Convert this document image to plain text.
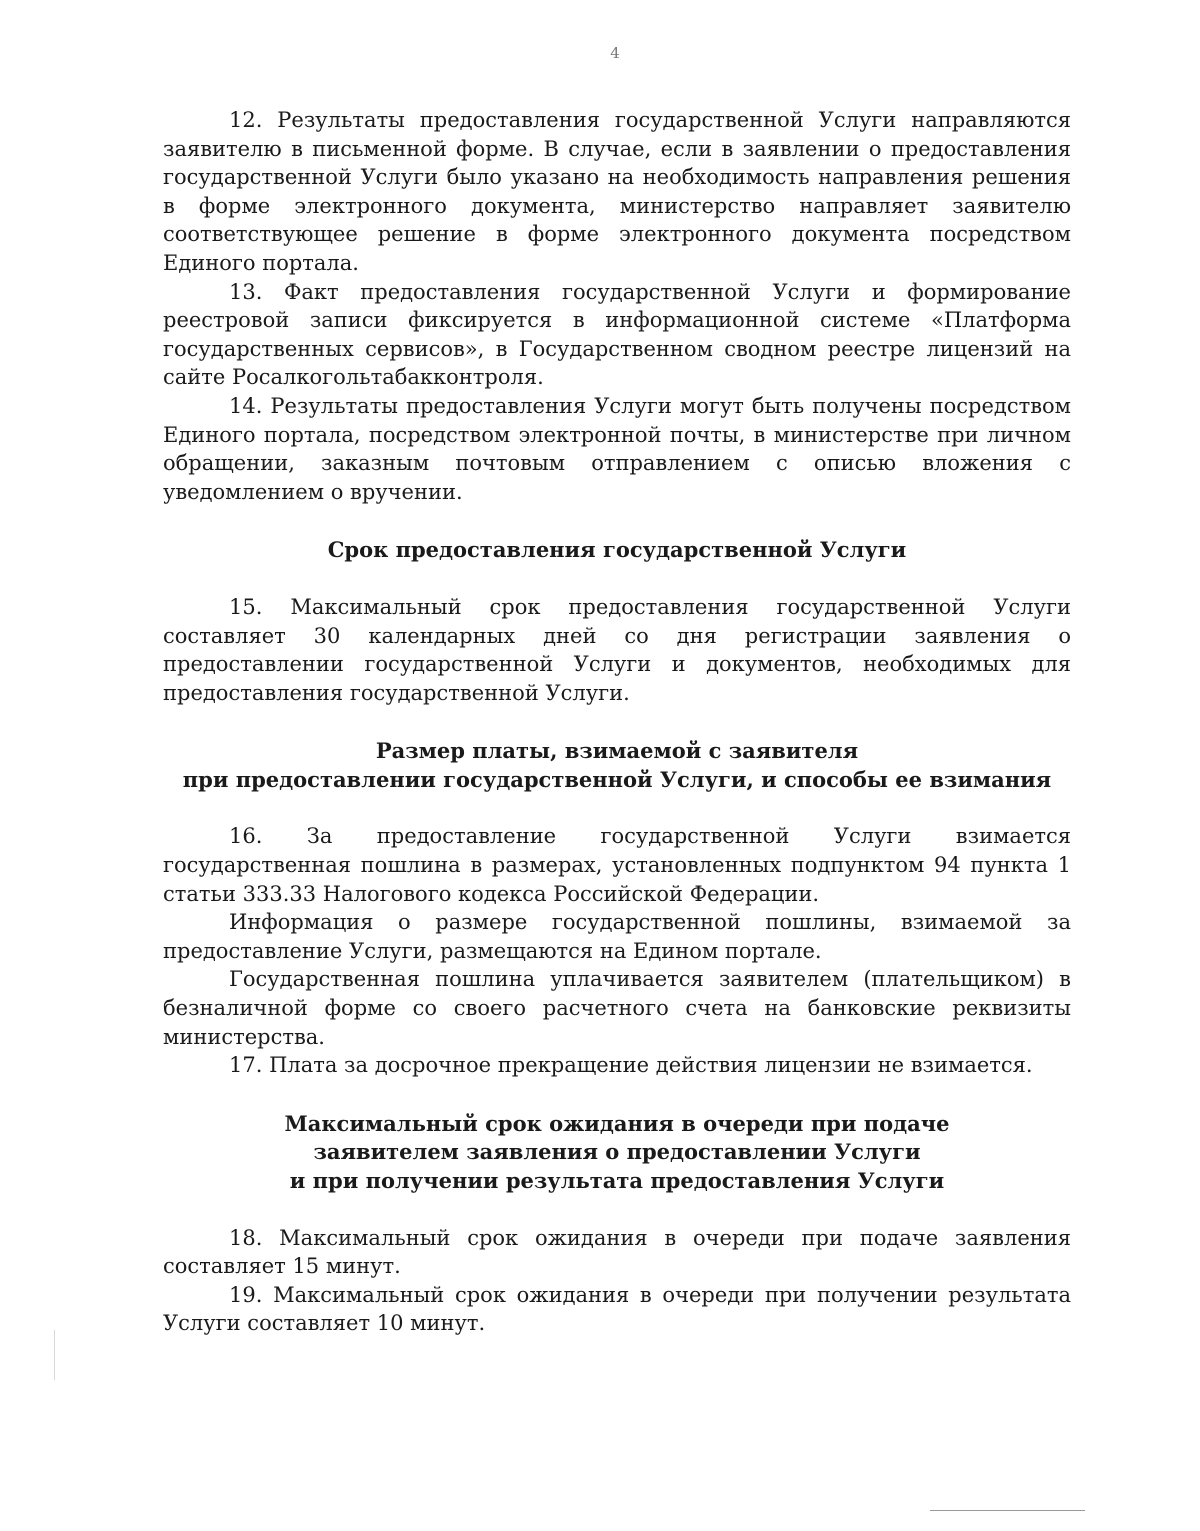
4

12. Результаты предоставления государственной Услуги направляются заявителю в письменной форме. В случае, если в заявлении о предоставления государственной Услуги было указано на необходимость направления решения в форме электронного документа, министерство направляет заявителю соответствующее решение в форме электронного документа посредством Единого портала.

13. Факт предоставления государственной Услуги и формирование реестровой записи фиксируется в информационной системе «Платформа государственных сервисов», в Государственном сводном реестре лицензий на сайте Росалкогольтабакконтроля.

14. Результаты предоставления Услуги могут быть получены посредством Единого портала, посредством электронной почты, в министерстве при личном обращении, заказным почтовым отправлением с описью вложения с уведомлением о вручении.

Срок предоставления государственной Услуги

15. Максимальный срок предоставления государственной Услуги составляет 30 календарных дней со дня регистрации заявления о предоставлении государственной Услуги и документов, необходимых для предоставления государственной Услуги.

Размер платы, взимаемой с заявителя
при предоставлении государственной Услуги, и способы ее взимания

16. За предоставление государственной Услуги взимается государственная пошлина в размерах, установленных подпунктом 94 пункта 1 статьи 333.33 Налогового кодекса Российской Федерации.

Информация о размере государственной пошлины, взимаемой за предоставление Услуги, размещаются на Едином портале.

Государственная пошлина уплачивается заявителем (плательщиком) в безналичной форме со своего расчетного счета на банковские реквизиты министерства.

17. Плата за досрочное прекращение действия лицензии не взимается.

Максимальный срок ожидания в очереди при подаче
заявителем заявления о предоставлении Услуги
и при получении результата предоставления Услуги

18. Максимальный срок ожидания в очереди при подаче заявления составляет 15 минут.

19. Максимальный срок ожидания в очереди при получении результата Услуги составляет 10 минут.
